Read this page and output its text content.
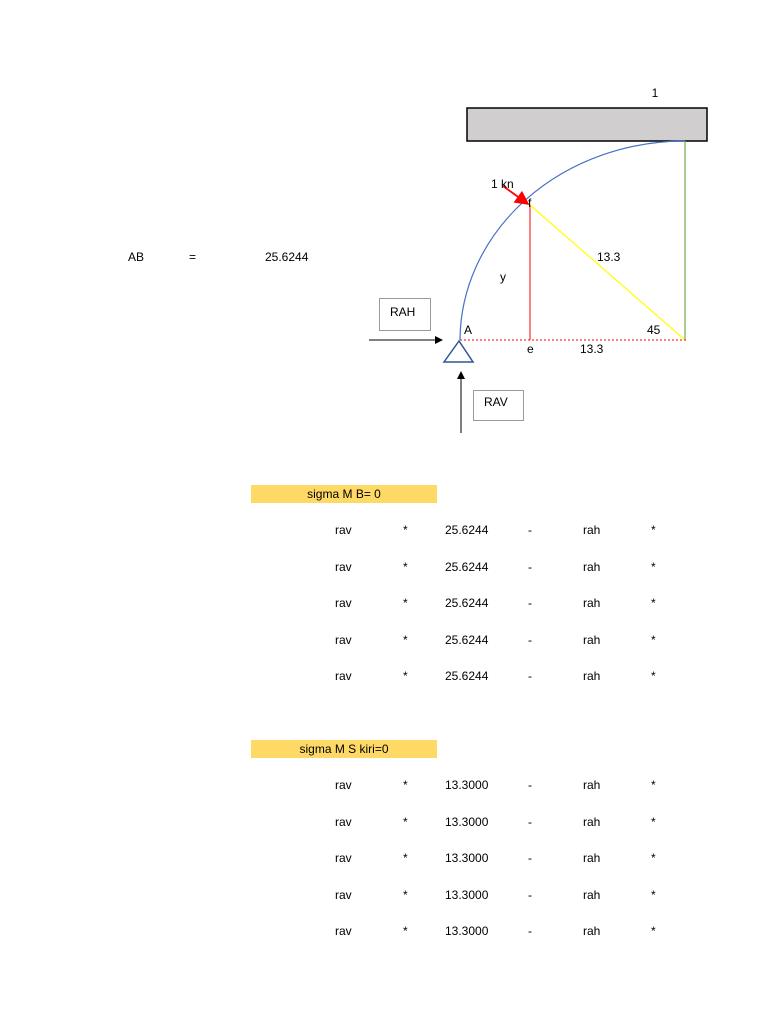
1
AB	=	25.6244
1 kn
f
y
A
e
13.3
13.3
45
RAH
RAV
sigma M B= 0
rav	*	25.6244	-	rah	*
rav	*	25.6244	-	rah	*
rav	*	25.6244	-	rah	*
rav	*	25.6244	-	rah	*
rav	*	25.6244	-	rah	*
sigma M S kiri=0
rav	*	13.3000	-	rah	*
rav	*	13.3000	-	rah	*
rav	*	13.3000	-	rah	*
rav	*	13.3000	-	rah	*
rav	*	13.3000	-	rah	*
